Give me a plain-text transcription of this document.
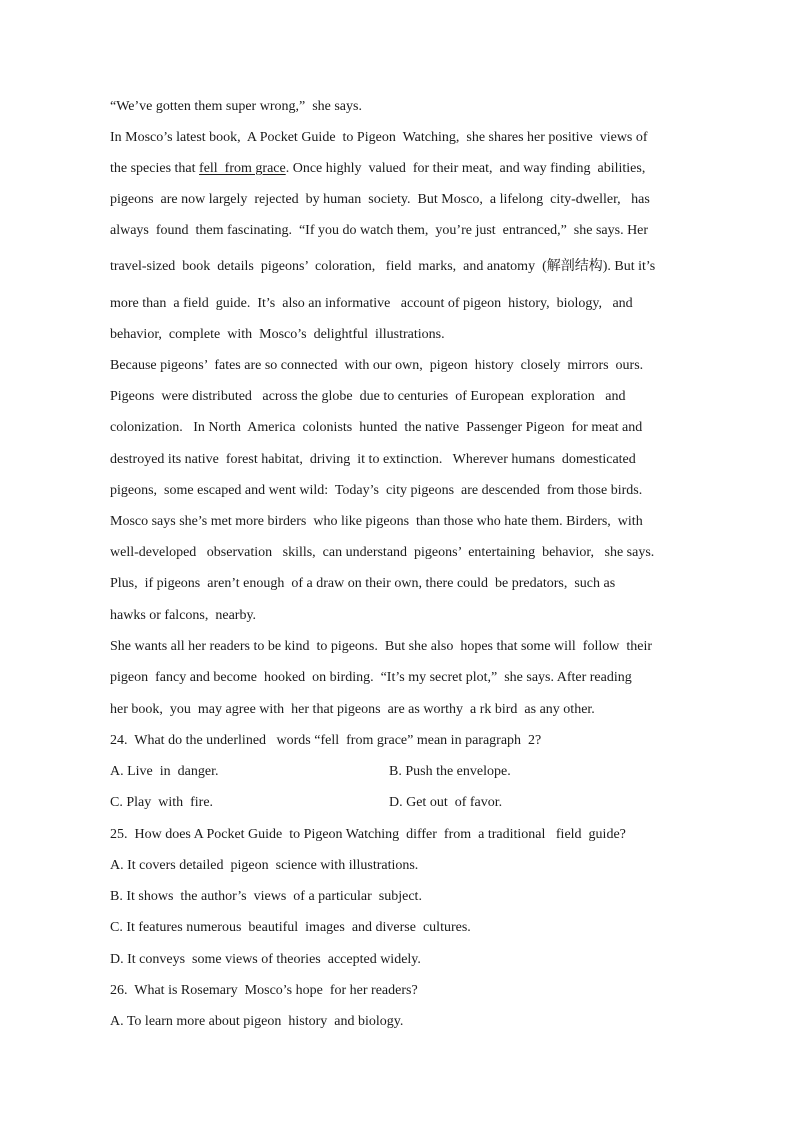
“We’ve gotten them super wrong,”  she says.
In Mosco’s latest book,  A Pocket Guide  to Pigeon  Watching,  she shares her positive  views of
the species that fell  from grace. Once highly  valued  for their meat,  and way finding  abilities,
pigeons  are now largely  rejected  by human  society.  But Mosco,  a lifelong  city-dweller,   has
always  found  them fascinating.  “If you do watch them,  you’re just  entranced,”  she says. Her
travel-sized  book  details  pigeons’  coloration,   field  marks,  and anatomy  (解剖结构). But it’s
more than  a field  guide.  It’s  also an informative   account of pigeon  history,  biology,   and
behavior,  complete  with  Mosco’s  delightful  illustrations.
Because pigeons’  fates are so connected  with our own,  pigeon  history  closely  mirrors  ours.
Pigeons  were distributed   across the globe  due to centuries  of European  exploration   and
colonization.   In North  America  colonists  hunted  the native  Passenger Pigeon  for meat and
destroyed its native  forest habitat,  driving  it to extinction.   Wherever humans  domesticated
pigeons,  some escaped and went wild:  Today’s  city pigeons  are descended  from those birds.
Mosco says she’s met more birders  who like pigeons  than those who hate them. Birders,  with
well-developed   observation   skills,  can understand  pigeons’  entertaining  behavior,   she says.
Plus,  if pigeons  aren’t enough  of a draw on their own, there could  be predators,  such as
hawks or falcons,  nearby.
She wants all her readers to be kind  to pigeons.  But she also  hopes that some will  follow  their
pigeon  fancy and become  hooked  on birding.  “It’s my secret plot,”  she says. After reading
her book,  you  may agree with  her that pigeons  are as worthy  a rk bird  as any other.
24.  What do the underlined   words “fell  from grace” mean in paragraph  2?
A. Live  in  danger.	B. Push the envelope.
C. Play  with  fire.	D. Get out  of favor.
25.  How does A Pocket Guide  to Pigeon Watching  differ  from  a traditional   field  guide?
A. It covers detailed  pigeon  science with illustrations.
B. It shows  the author’s  views  of a particular  subject.
C. It features numerous  beautiful  images  and diverse  cultures.
D. It conveys  some views of theories  accepted widely.
26.  What is Rosemary  Mosco’s hope  for her readers?
A. To learn more about pigeon  history  and biology.
